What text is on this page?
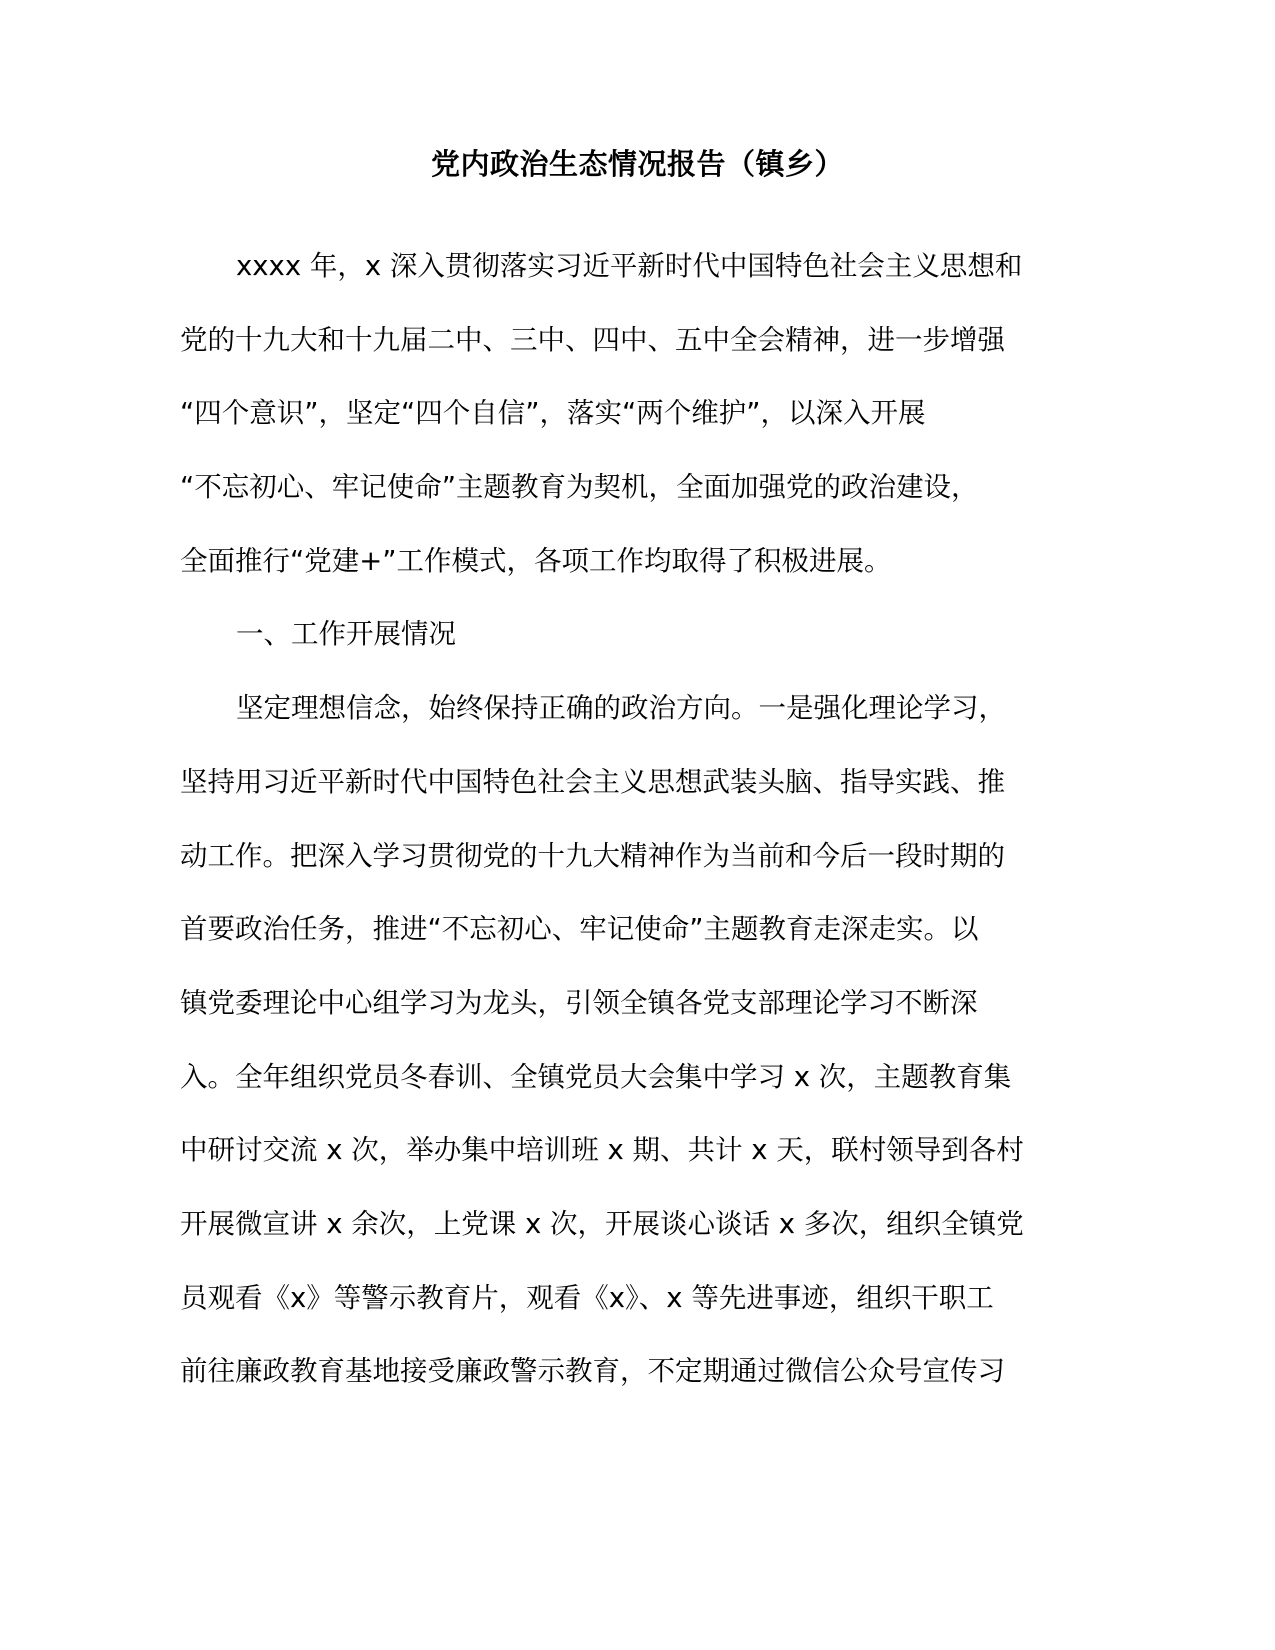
党内政治生态情况报告（镇乡）
xxxx 年，x 深入贯彻落实习近平新时代中国特色社会主义思想和
党的十九大和十九届二中、三中、四中、五中全会精神，进一步增强
“四个意识”，坚定“四个自信”，落实“两个维护”，以深入开展
“不忘初心、牢记使命”主题教育为契机，全面加强党的政治建设，
全面推行“党建+”工作模式，各项工作均取得了积极进展。
一、工作开展情况
坚定理想信念，始终保持正确的政治方向。一是强化理论学习，
坚持用习近平新时代中国特色社会主义思想武装头脑、指导实践、推
动工作。把深入学习贯彻党的十九大精神作为当前和今后一段时期的
首要政治任务，推进“不忘初心、牢记使命”主题教育走深走实。以
镇党委理论中心组学习为龙头，引领全镇各党支部理论学习不断深
入。全年组织党员冬春训、全镇党员大会集中学习 x 次，主题教育集
中研讨交流 x 次，举办集中培训班 x 期、共计 x 天，联村领导到各村
开展微宣讲 x 余次，上党课 x 次，开展谈心谈话 x 多次，组织全镇党
员观看《x》等警示教育片，观看《x》、x 等先进事迹，组织干职工
前往廉政教育基地接受廉政警示教育，不定期通过微信公众号宣传习
